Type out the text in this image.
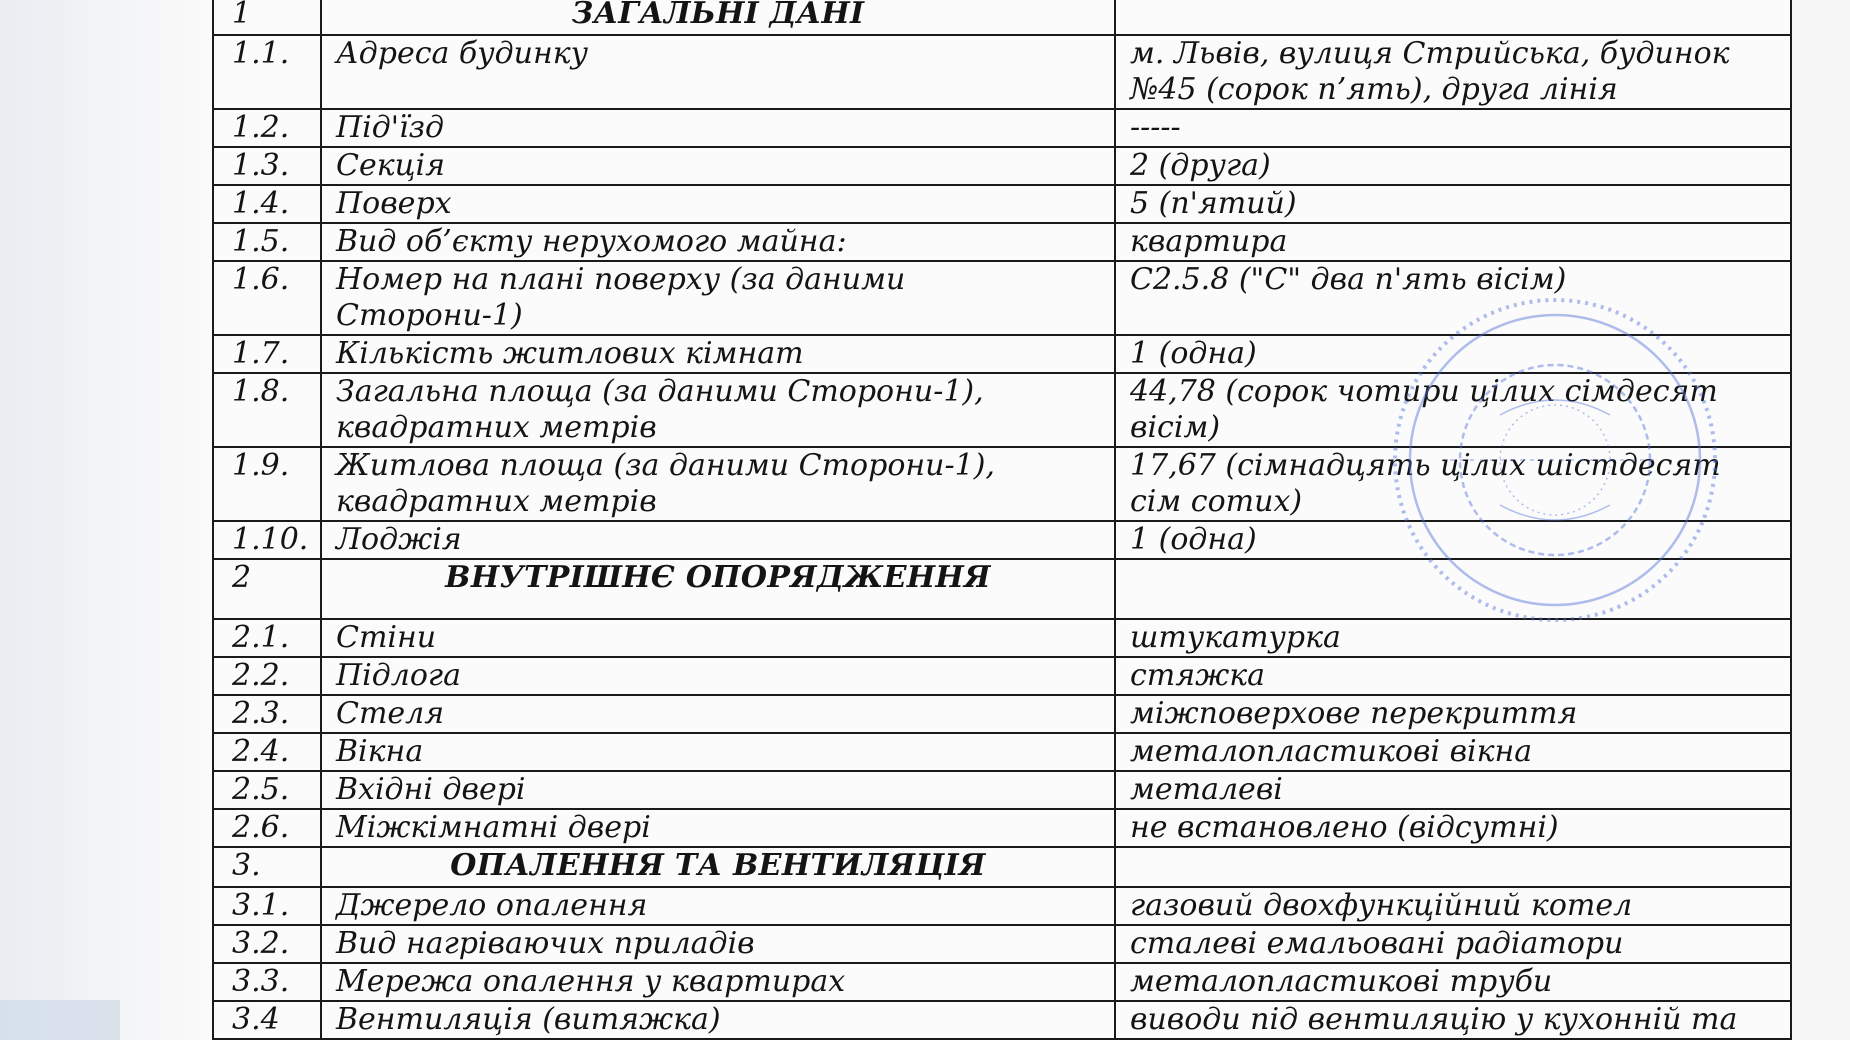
1	ЗАГАЛЬНІ ДАНІ	
1.1.	Адреса будинку	м. Львів, вулиця Стрийська, будинок №45 (сорок п’ять), друга лінія
1.2.	Під'їзд	-----
1.3.	Секція	2 (друга)
1.4.	Поверх	5 (п'ятий)
1.5.	Вид об’єкту нерухомого майна:	квартира
1.6.	Номер на плані поверху (за даними Сторони-1)	С2.5.8 ("С" два п'ять вісім)
1.7.	Кількість житлових кімнат	1 (одна)
1.8.	Загальна площа (за даними Сторони-1), квадратних метрів	44,78 (сорок чотири цілих сімдесят вісім)
1.9.	Житлова площа (за даними Сторони-1), квадратних метрів	17,67 (сімнадцять цілих шістдесят сім сотих)
1.10.	Лоджія	1 (одна)
2	ВНУТРІШНЄ ОПОРЯДЖЕННЯ	
2.1.	Стіни	штукатурка
2.2.	Підлога	стяжка
2.3.	Стеля	міжповерхове перекриття
2.4.	Вікна	металопластикові вікна
2.5.	Вхідні двері	металеві
2.6.	Міжкімнатні двері	не встановлено (відсутні)
3.	ОПАЛЕННЯ ТА ВЕНТИЛЯЦІЯ	
3.1.	Джерело опалення	газовий двохфункційний котел
3.2.	Вид нагріваючих приладів	сталеві емальовані радіатори
3.3.	Мережа опалення у квартирах	металопластикові труби
3.4	Вентиляція (витяжка)	виводи під вентиляцію у кухонній та
